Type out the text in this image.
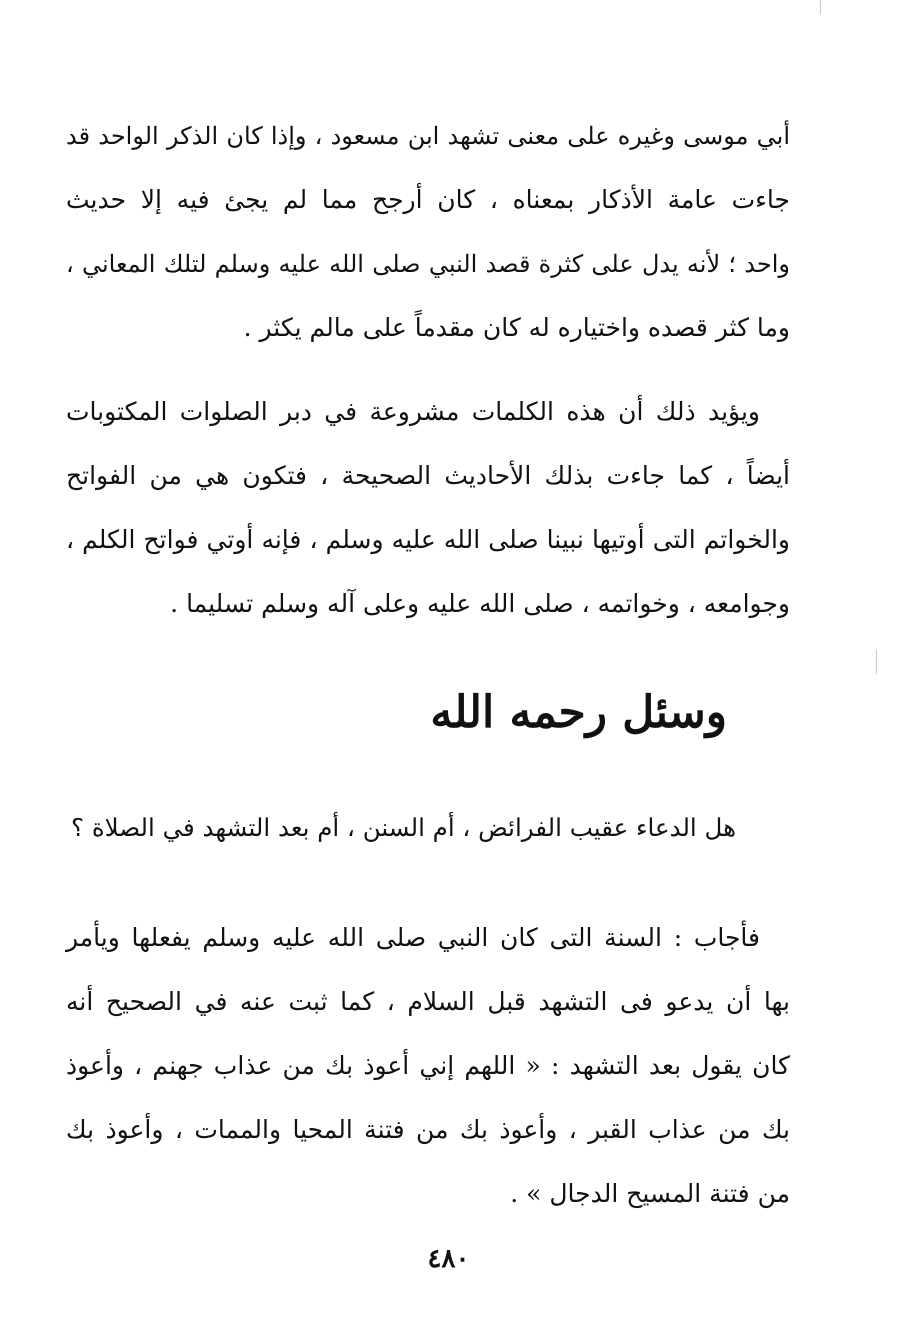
أبي موسى وغيره على معنى تشهد ابن مسعود ، وإذا كان الذكر الواحد قد
جاءت عامة الأذكار بمعناه ، كان أرجح مما لم يجئ فيه إلا حديث
واحد ؛ لأنه يدل على كثرة قصد النبي صلى الله عليه وسلم لتلك المعاني ،
وما كثر قصده واختياره له كان مقدماً على مالم يكثر .
ويؤيد ذلك أن هذه الكلمات مشروعة في دبر الصلوات المكتوبات
أيضاً ، كما جاءت بذلك الأحاديث الصحيحة ، فتكون هي من الفواتح
والخواتم التى أوتيها نبينا صلى الله عليه وسلم ، فإنه أوتي فواتح الكلم ،
وجوامعه ، وخواتمه ، صلى الله عليه وعلى آله وسلم تسليما .
وسئل رحمه الله
هل الدعاء عقيب الفرائض ، أم السنن ، أم بعد التشهد في الصلاة ؟
فأجاب : السنة التى كان النبي صلى الله عليه وسلم يفعلها ويأمر
بها أن يدعو فى التشهد قبل السلام ، كما ثبت عنه في الصحيح أنه
كان يقول بعد التشهد : « اللهم إني أعوذ بك من عذاب جهنم ، وأعوذ
بك من عذاب القبر ، وأعوذ بك من فتنة المحيا والممات ، وأعوذ بك
من فتنة المسيح الدجال » .
٤٨٠
